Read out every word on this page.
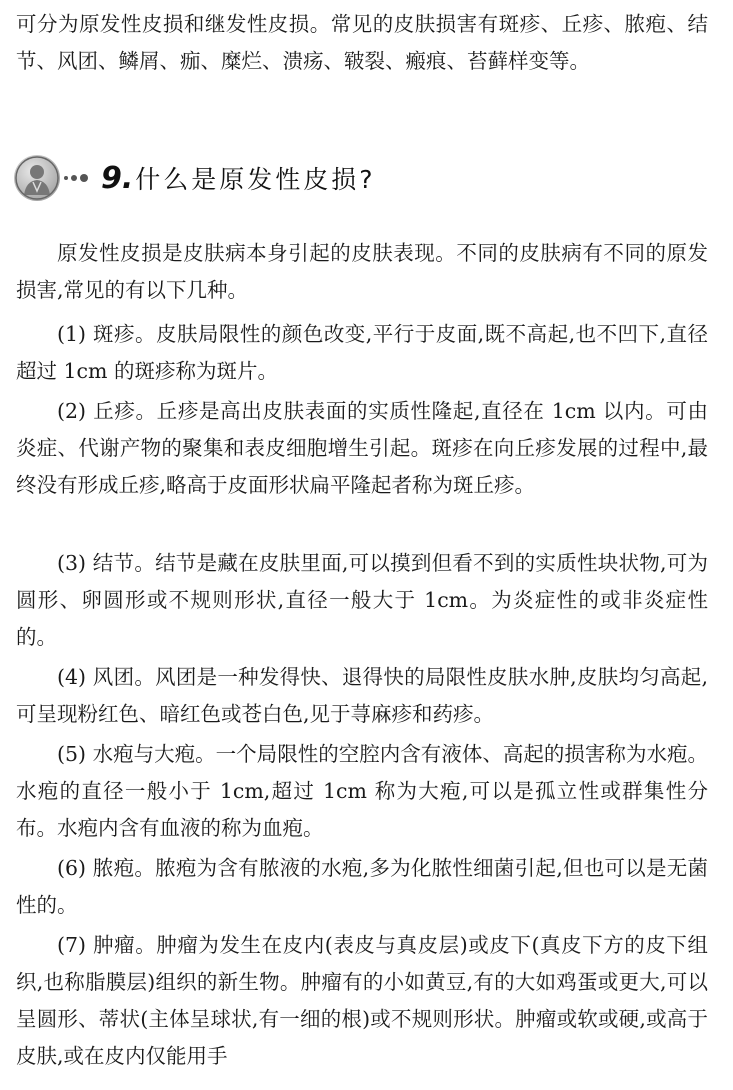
可分为原发性皮损和继发性皮损。常见的皮肤损害有斑疹、丘疹、脓疱、结节、风团、鳞屑、痂、糜烂、溃疡、皲裂、瘢痕、苔藓样变等。

9. 什么是原发性皮损?

原发性皮损是皮肤病本身引起的皮肤表现。不同的皮肤病有不同的原发损害,常见的有以下几种。

(1) 斑疹。皮肤局限性的颜色改变,平行于皮面,既不高起,也不凹下,直径超过 1cm 的斑疹称为斑片。

(2) 丘疹。丘疹是高出皮肤表面的实质性隆起,直径在 1cm 以内。可由炎症、代谢产物的聚集和表皮细胞增生引起。斑疹在向丘疹发展的过程中,最终没有形成丘疹,略高于皮面形状扁平隆起者称为斑丘疹。

(3) 结节。结节是藏在皮肤里面,可以摸到但看不到的实质性块状物,可为圆形、卵圆形或不规则形状,直径一般大于 1cm。为炎症性的或非炎症性的。

(4) 风团。风团是一种发得快、退得快的局限性皮肤水肿,皮肤均匀高起,可呈现粉红色、暗红色或苍白色,见于荨麻疹和药疹。

(5) 水疱与大疱。一个局限性的空腔内含有液体、高起的损害称为水疱。水疱的直径一般小于 1cm,超过 1cm 称为大疱,可以是孤立性或群集性分布。水疱内含有血液的称为血疱。

(6) 脓疱。脓疱为含有脓液的水疱,多为化脓性细菌引起,但也可以是无菌性的。

(7) 肿瘤。肿瘤为发生在皮内(表皮与真皮层)或皮下(真皮下方的皮下组织,也称脂膜层)组织的新生物。肿瘤有的小如黄豆,有的大如鸡蛋或更大,可以呈圆形、蒂状(主体呈球状,有一细的根)或不规则形状。肿瘤或软或硬,或高于皮肤,或在皮内仅能用手
